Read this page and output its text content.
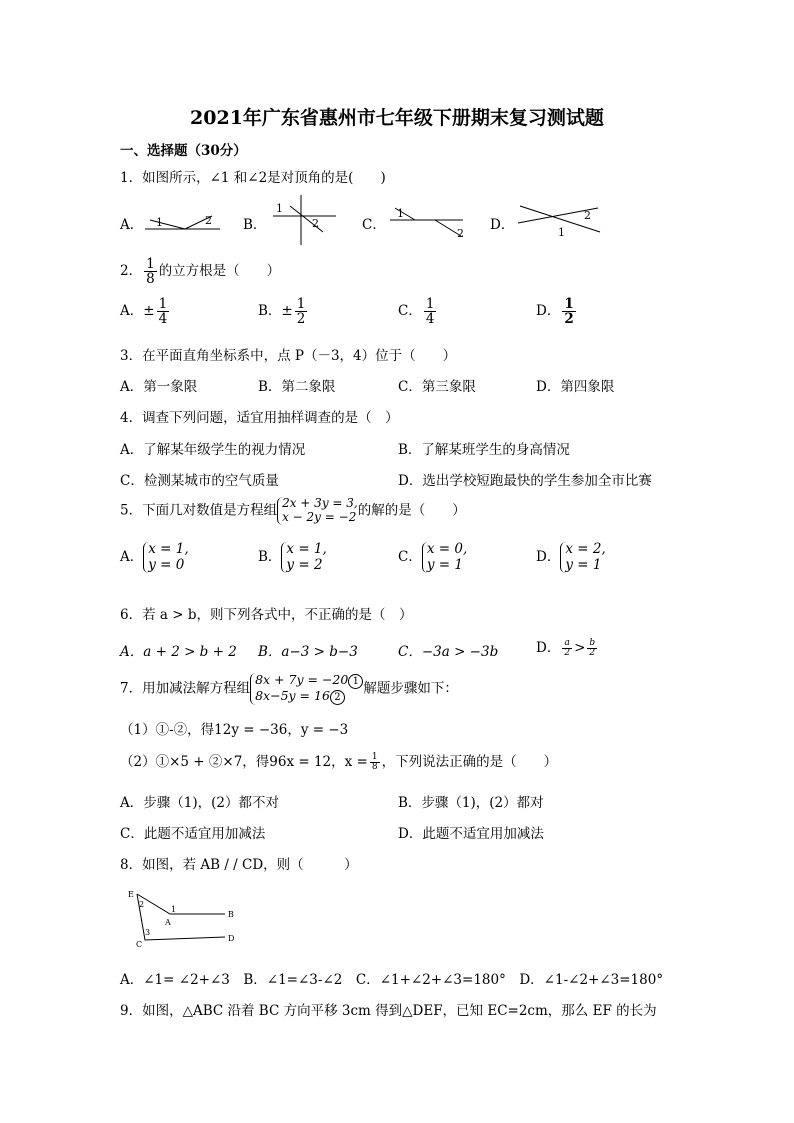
2021年广东省惠州市七年级下册期末复习测试题
一、选择题（30分）
1．如图所示，∠1 和∠2是对顶角的是(　　)
A． 1	2 B．
1
2	C．
1
2
D．
2
1
2． $\frac{1}{8}$ 的立方根是（　　）
A．± $\frac{1}{4}$	B．± $\frac{1}{2}$	C． $\frac{1}{4}$	D． $\frac{1}{2}$
3．在平面直角坐标系中，点 P（－3，4）位于（　　）
A．第一象限	B．第二象限	C．第三象限	D．第四象限
4．调查下列问题，适宜用抽样调查的是（　）
A．了解某年级学生的视力情况	B．了解某班学生的身高情况
C．检测某城市的空气质量	D．选出学校短跑最快的学生参加全市比赛
5．下面几对数值是方程组 2x + 3y = 3,
x − 2y = −2的解的是（　　）
A．x = 1,
y = 0	B．x = 1,
y = 2	C．x = 0,
y = 1	D．x = 2,
y = 1
6．若 a > b，则下列各式中，不正确的是（　）
A．a + 2 > b + 2 B．a−3 > b−3	C．−3a > −3b	D． $\frac{a}{2} > \frac{b}{2}$
7．用加减法解方程组8x + 7y = −20 1
8x−5y = 16 2解题步骤如下：
（1）①-②，得12y = −36，y = −3
（2）①×5 + ②×7，得96x = 12，$x = \frac{1}{8}$ ，下列说法正确的是（　　）
A．步骤（1)，(2）都不对	B．步骤（1)，(2）都对
C．此题不适宜用加减法	D．此题不适宜用加减法
8．如图，若 AB / / CD，则（　　　）
E
2
1
A
B
3
C
D
A．∠1= ∠2+∠3　B．∠1=∠3-∠2　C．∠1+∠2+∠3=180°　D．∠1-∠2+∠3=180°
9．如图，△ABC 沿着 BC 方向平移 3cm 得到△DEF，已知 EC=2cm，那么 EF 的长为
